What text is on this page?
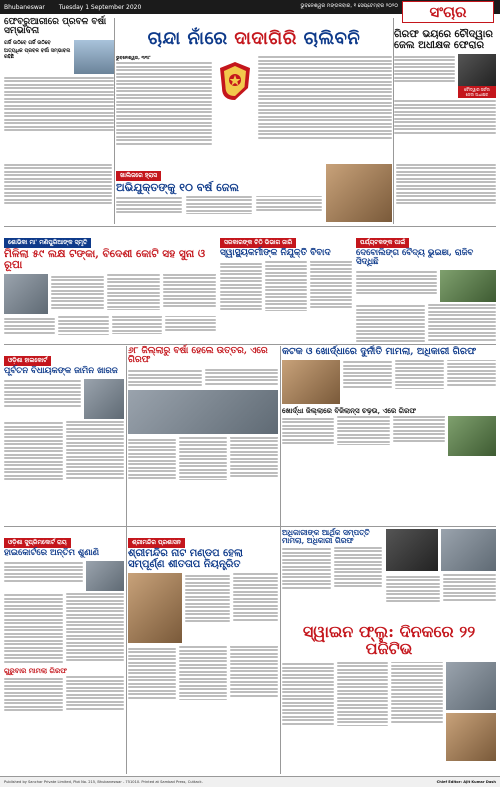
Bhubaneswar Tuesday 1 September 2020	ଭୁବନେଶ୍ୱର ମଙ୍ଗଳବାର, ୧ ସେପ୍ଟେମ୍ବର ୨୦୨୦ ସଂଚାର
ଫେବ୍ରୁଆରୀରେ ପ୍ରବଳ ବର୍ଷା ସମ୍ଭାବନା
ଗର୍ଜି ଉଠିବେ ଗର୍ଜି ଉଠିବେ
ଅତ୍ୟଧିକ ପ୍ରବଳ ବର୍ଷା ସମ୍ଭାବନା ରହିଛି
ଚାନ୍ଦା ନାଁରେ ଦାଦାଗିରି ଚାଲିବନି
ଭୁବନେଶ୍ୱର, ୩୧ା୮
ଗିରଫ ଭୟରେ ଚୌଦ୍ୱାର ଜେଲ ଅଧୀକ୍ଷକ ଫେରାର
ଚୌଦ୍ୱାର ସର୍କଲ ଜେଲ ଅଧୀକ୍ଷକ
ଖାଲିଜରେ ହ୍ରାସ
ଅଭିଯୁକ୍ତଙ୍କୁ ୧୦ ବର୍ଷ ଜେଲ
ଶୋଭିକା ମା' ମଣିପୁରିଆଙ୍କ ସ୍ମୃତି
ମିଳିଲା ୫୯ ଲକ୍ଷ ଟଙ୍କା, ବିଦେଶୀ କୋଟି ସହ ସୁନା ଓ ରୂପା
ସରକାରଙ୍କ ଚିଠି ଭିଭାଗ ଜାରି
ସ୍ୱାସ୍ଥ୍ୟକର୍ମୀଙ୍କ ନିଯୁକ୍ତି ବିବାଦ
ପର୍ଯ୍ୟଟକଙ୍କ ପାଇଁ
ଦେବୋଲିଙ୍ଗ ବୈଦ୍ୟ ଭୁଇଞା, ରାଜିବ ସିଦ୍ଧିଛି
ଓଡ଼ିଶା ହାଇକୋର୍ଟ
ପୂର୍ବତନ ବିଧାୟକଙ୍କ ଜାମିନ ଖାରଜ
୬୮ ଜିଲ୍ଲାରୁ ବର୍ଷା ହେଲେ ଉତ୍ତର, ଏରେ ଗିରଫ
କଟକ ଓ ଖୋର୍ଦ୍ଧାରେ ଦୁର୍ନୀତି ମାମଲା, ଅଧିକାରୀ ଗିରଫ
ଖୋର୍ଦ୍ଧା ଜିଲ୍ଲାରେ ବିଜିଲାନ୍ସ ଚଢ଼ଉ, ଏରେ ଗିରଫ
ଓଡ଼ିଶା ସୁପ୍ରିମକୋର୍ଟ ରାୟ
ହାଇକୋର୍ଟରେ ଅନ୍ତିମ ଶୁଣାଣି
ଗୁରୁବାର ମାମଲା ଗିରଫ
ଶ୍ରୀମନ୍ଦିର ପ୍ରଶାସନ
ଶ୍ରୀମନ୍ଦିର ନାଟ ମଣ୍ଡପ ହେଲା
ସମ୍ପୂର୍ଣ୍ଣ ଶୀତତାପ ନିୟନ୍ତ୍ରିତ
ଅଧିକାରୀଙ୍କ ଆର୍ଥିକ ସମ୍ପତ୍ତି ମାମଲା, ଅଧିକାରୀ ଗିରଫ
ସ୍ୱାଇନ ଫ୍ଲୁ: ଦିନକରେ ୨୨ ପଜିଟିଭ
Published by Sanchar Private Limited, Plot No. 215, Bhubaneswar - 751010. Printed at Sambad Press, Cuttack.	Chief Editor: Ajit Kumar Dash
